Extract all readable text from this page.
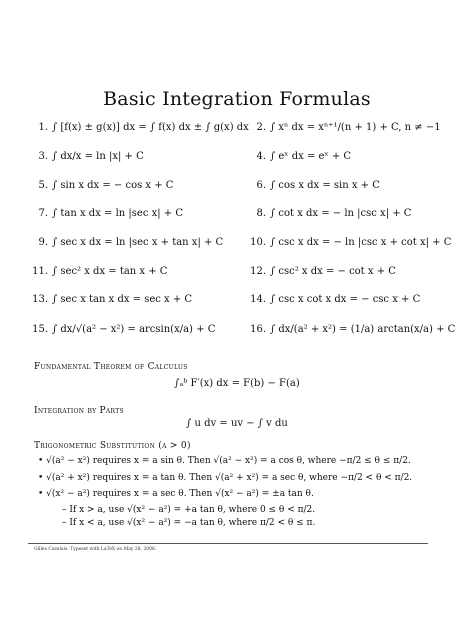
Basic Integration Formulas
1. ∫ [f(x) ± g(x)] dx = ∫ f(x) dx ± ∫ g(x) dx
3. ∫ dx/x = ln |x| + C
5. ∫ sin x dx = − cos x + C
7. ∫ tan x dx = ln |sec x| + C
9. ∫ sec x dx = ln |sec x + tan x| + C
11. ∫ sec² x dx = tan x + C
13. ∫ sec x tan x dx = sec x + C
15. ∫ dx/√(a² − x²) = arcsin(x/a) + C
2. ∫ xⁿ dx = xⁿ⁺¹/(n + 1) + C, n ≠ −1
4. ∫ eˣ dx = eˣ + C
6. ∫ cos x dx = sin x + C
8. ∫ cot x dx = − ln |csc x| + C
10. ∫ csc x dx = − ln |csc x + cot x| + C
12. ∫ csc² x dx = − cot x + C
14. ∫ csc x cot x dx = − csc x + C
16. ∫ dx/(a² + x²) = (1/a) arctan(x/a) + C
Fundamental Theorem of Calculus
∫ₐᵇ F′(x) dx = F(b) − F(a)
Integration by Parts
∫ u dv = uv − ∫ v du
Trigonometric Substitution (a > 0)
• √(a² − x²) requires x = a sin θ. Then √(a² − x²) = a cos θ, where −π/2 ≤ θ ≤ π/2.
• √(a² + x²) requires x = a tan θ. Then √(a² + x²) = a sec θ, where −π/2 < θ < π/2.
• √(x² − a²) requires x = a sec θ. Then √(x² − a²) = ±a tan θ.
– If x > a, use √(x² − a²) = +a tan θ, where 0 ≤ θ < π/2.
– If x < a, use √(x² − a²) = −a tan θ, where π/2 < θ ≤ π.
Gilles Cazelais. Typeset with LaTeX on May 28, 2006.
